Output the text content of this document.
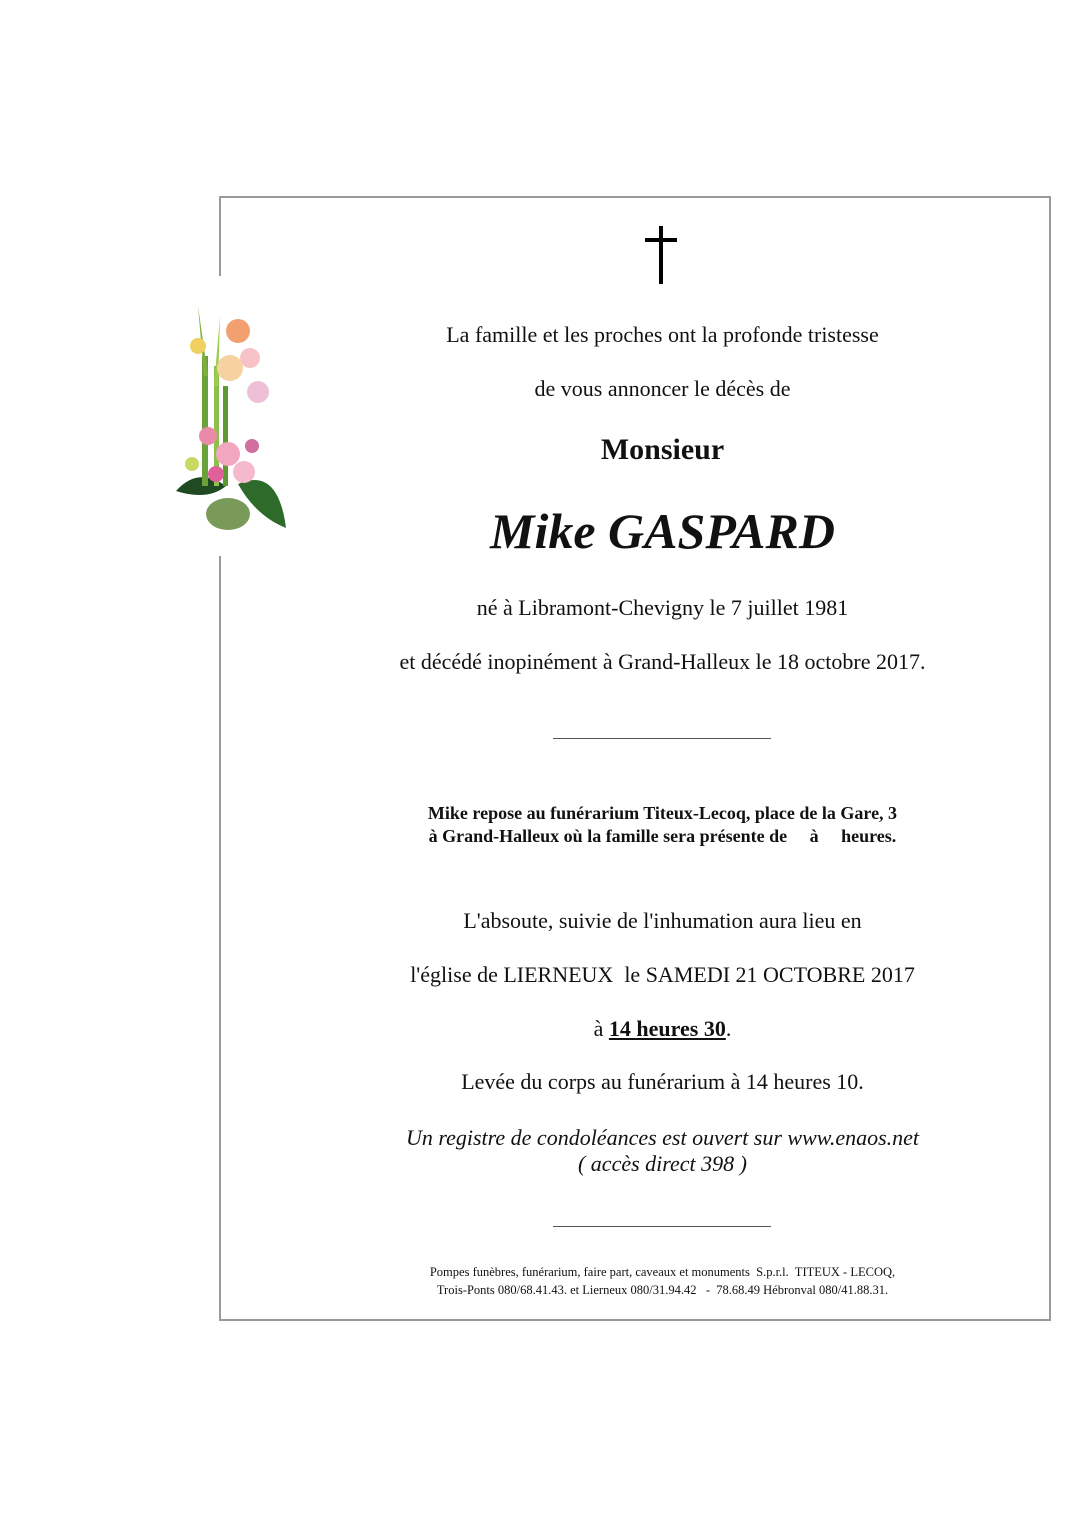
La famille et les proches ont la profonde tristesse
de vous annoncer le décès de
Monsieur
Mike GASPARD
né à Libramont-Chevigny le 7 juillet 1981
et décédé inopinément à Grand-Halleux le 18 octobre 2017.
Mike repose au funérarium Titeux-Lecoq, place de la Gare, 3
à Grand-Halleux où la famille sera présente de     à     heures.
L'absoute, suivie de l'inhumation aura lieu en
l'église de LIERNEUX  le SAMEDI 21 OCTOBRE 2017
à 14 heures 30.
Levée du corps au funérarium à 14 heures 10.
Un registre de condoléances est ouvert sur www.enaos.net
( accès direct 398 )
Pompes funèbres, funérarium, faire part, caveaux et monuments  S.p.r.l.  TITEUX - LECOQ,
Trois-Ponts 080/68.41.43. et Lierneux 080/31.94.42   -  78.68.49 Hébronval 080/41.88.31.
